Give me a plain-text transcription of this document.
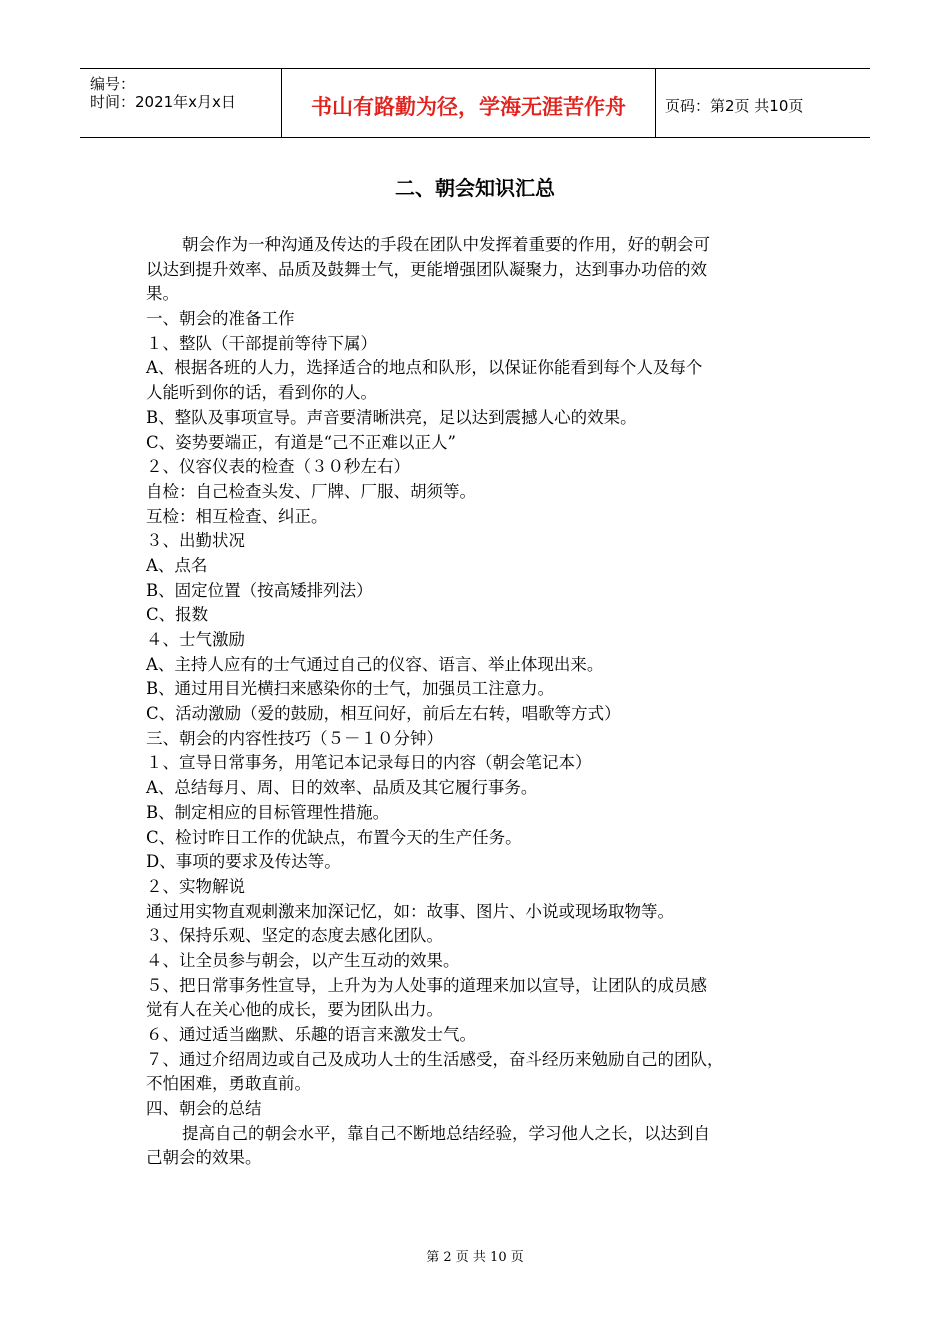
编号：
时间：2021年x月x日	书山有路勤为径，学海无涯苦作舟	页码：第2页 共10页
二、朝会知识汇总
朝会作为一种沟通及传达的手段在团队中发挥着重要的作用，好的朝会可
以达到提升效率、品质及鼓舞士气，更能增强团队凝聚力，达到事办功倍的效
果。
一、朝会的准备工作
１、整队（干部提前等待下属）
A、根据各班的人力，选择适合的地点和队形，以保证你能看到每个人及每个
人能听到你的话，看到你的人。
B、整队及事项宣导。声音要清晰洪亮，足以达到震撼人心的效果。
C、姿势要端正，有道是“己不正难以正人”
２、仪容仪表的检查（３０秒左右）
自检：自己检查头发、厂牌、厂服、胡须等。
互检：相互检查、纠正。
３、出勤状况
A、点名
B、固定位置（按高矮排列法）
C、报数
４、士气激励
A、主持人应有的士气通过自己的仪容、语言、举止体现出来。
B、通过用目光横扫来感染你的士气，加强员工注意力。
C、活动激励（爱的鼓励，相互问好，前后左右转，唱歌等方式）
三、朝会的内容性技巧（５－１０分钟）
１、宣导日常事务，用笔记本记录每日的内容（朝会笔记本）
A、总结每月、周、日的效率、品质及其它履行事务。
B、制定相应的目标管理性措施。
C、检讨昨日工作的优缺点，布置今天的生产任务。
D、事项的要求及传达等。
２、实物解说
通过用实物直观刺激来加深记忆，如：故事、图片、小说或现场取物等。
３、保持乐观、坚定的态度去感化团队。
４、让全员参与朝会，以产生互动的效果。
５、把日常事务性宣导，上升为为人处事的道理来加以宣导，让团队的成员感
觉有人在关心他的成长，要为团队出力。
６、通过适当幽默、乐趣的语言来激发士气。
７、通过介绍周边或自己及成功人士的生活感受，奋斗经历来勉励自己的团队，
不怕困难，勇敢直前。
四、朝会的总结
提高自己的朝会水平，靠自己不断地总结经验，学习他人之长，以达到自
己朝会的效果。
第 2 页 共 10 页
